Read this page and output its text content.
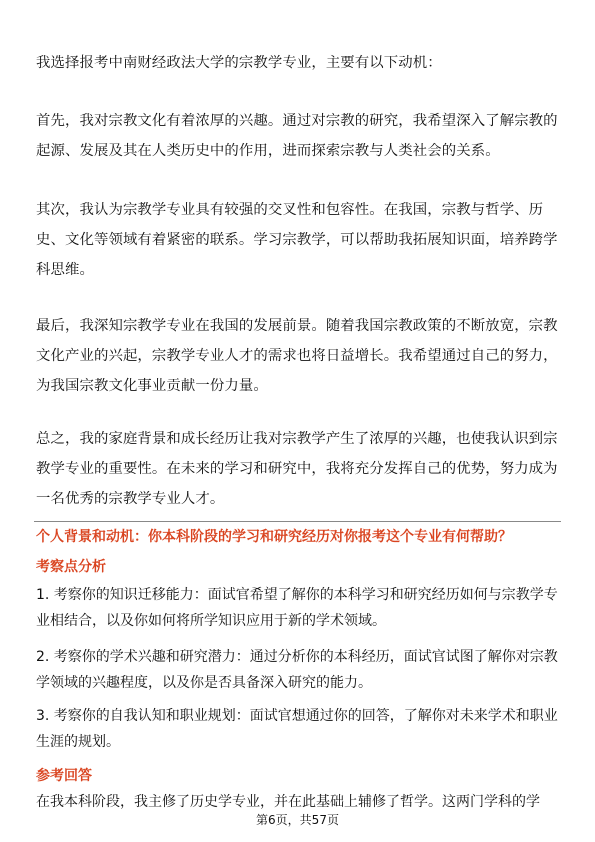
我选择报考中南财经政法大学的宗教学专业，主要有以下动机：

首先，我对宗教文化有着浓厚的兴趣。通过对宗教的研究，我希望深入了解宗教的起源、发展及其在人类历史中的作用，进而探索宗教与人类社会的关系。

其次，我认为宗教学专业具有较强的交叉性和包容性。在我国，宗教与哲学、历史、文化等领域有着紧密的联系。学习宗教学，可以帮助我拓展知识面，培养跨学科思维。

最后，我深知宗教学专业在我国的发展前景。随着我国宗教政策的不断放宽，宗教文化产业的兴起，宗教学专业人才的需求也将日益增长。我希望通过自己的努力，为我国宗教文化事业贡献一份力量。

总之，我的家庭背景和成长经历让我对宗教学产生了浓厚的兴趣，也使我认识到宗教学专业的重要性。在未来的学习和研究中，我将充分发挥自己的优势，努力成为一名优秀的宗教学专业人才。

个人背景和动机：你本科阶段的学习和研究经历对你报考这个专业有何帮助？

考察点分析

1. 考察你的知识迁移能力：面试官希望了解你的本科学习和研究经历如何与宗教学专业相结合，以及你如何将所学知识应用于新的学术领域。

2. 考察你的学术兴趣和研究潜力：通过分析你的本科经历，面试官试图了解你对宗教学领域的兴趣程度，以及你是否具备深入研究的能力。

3. 考察你的自我认知和职业规划：面试官想通过你的回答，了解你对未来学术和职业生涯的规划。

参考回答

在我本科阶段，我主修了历史学专业，并在此基础上辅修了哲学。这两门学科的学

第6页，共57页
